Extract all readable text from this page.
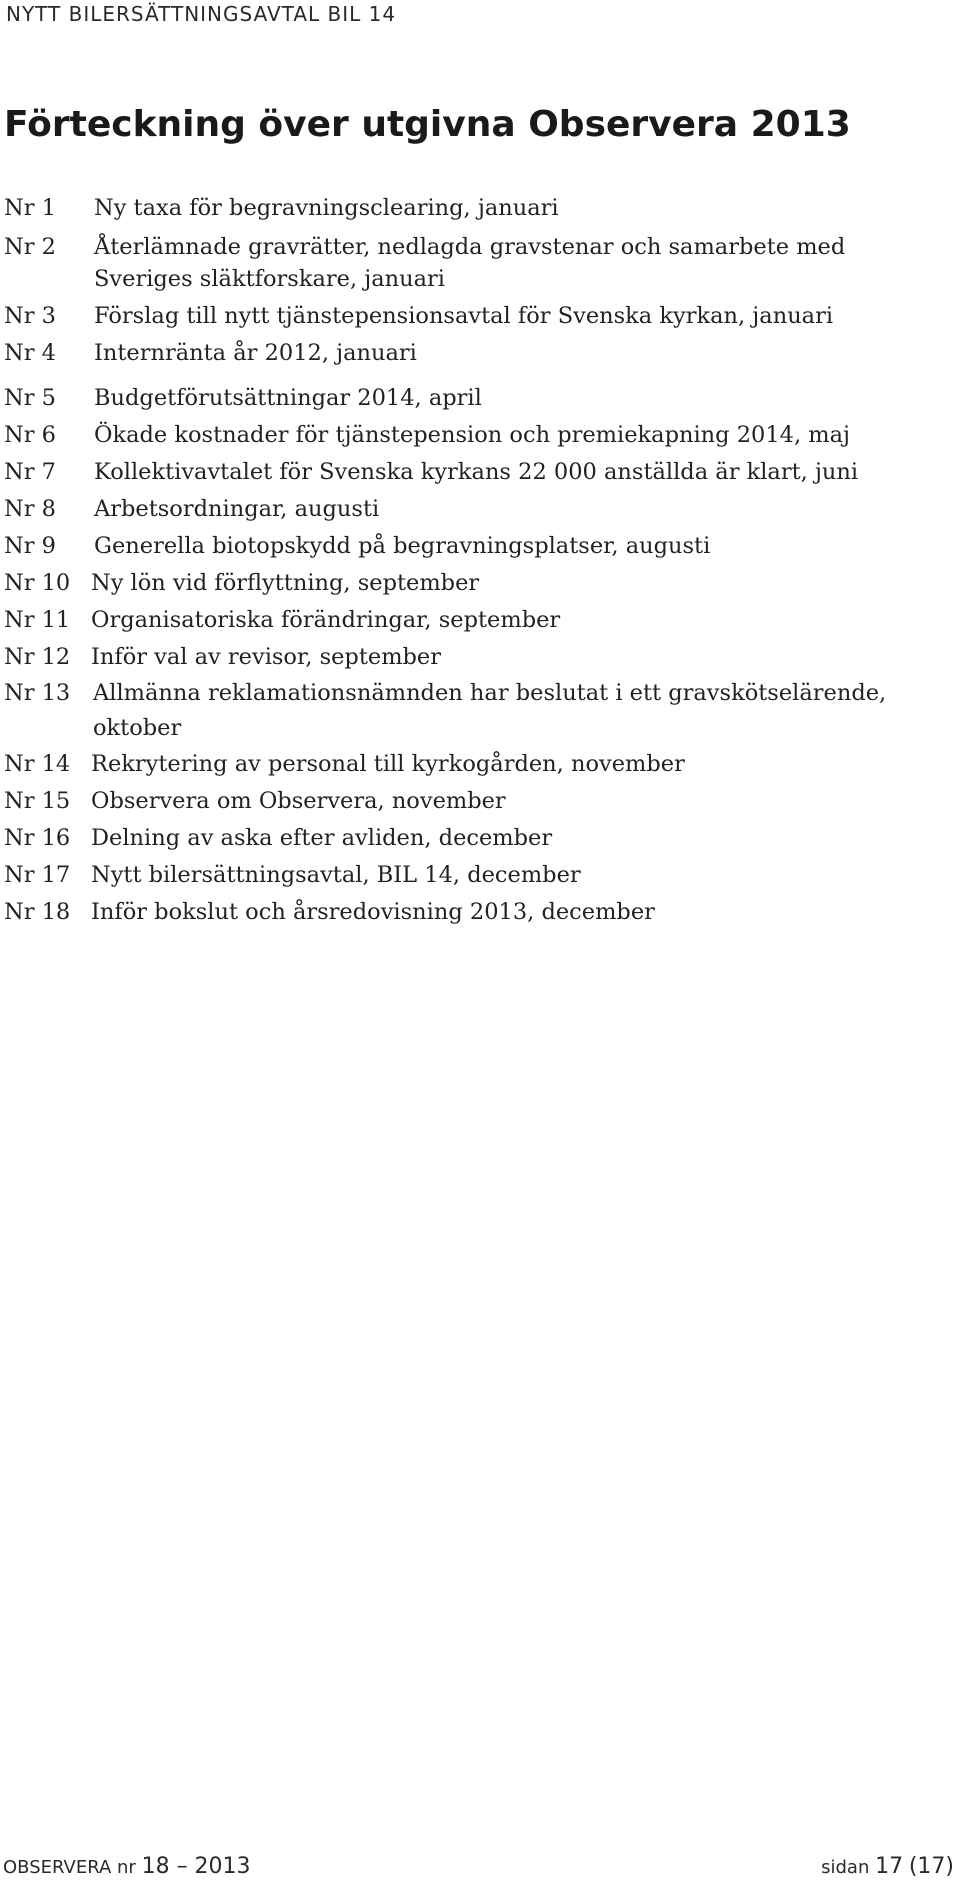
NYTT BILERSÄTTNINGSAVTAL BIL 14
Förteckning över utgivna Observera 2013
Nr 1	Ny taxa för begravningsclearing, januari
Nr 2	Återlämnade gravrätter, nedlagda gravstenar och samarbete med Sveriges släktforskare, januari
Nr 3	Förslag till nytt tjänstepensionsavtal för Svenska kyrkan, januari
Nr 4	Internränta år 2012, januari
Nr 5	Budgetförutsättningar 2014, april
Nr 6	Ökade kostnader för tjänstepension och premiekapning 2014, maj
Nr 7	Kollektivavtalet för Svenska kyrkans 22 000 anställda är klart, juni
Nr 8	Arbetsordningar, augusti
Nr 9	Generella biotopskydd på begravningsplatser, augusti
Nr 10 Ny lön vid förflyttning, september
Nr 11 Organisatoriska förändringar, september
Nr 12 Inför val av revisor, september
Nr 13	Allmänna reklamationsnämnden har beslutat i ett gravskötselärende, oktober
Nr 14 Rekrytering av personal till kyrkogården, november
Nr 15 Observera om Observera, november
Nr 16 Delning av aska efter avliden, december
Nr 17 Nytt bilersättningsavtal, BIL 14, december
Nr 18 Inför bokslut och årsredovisning 2013, december
OBSERVERA nr 18 – 2013	sidan 17 (17)
